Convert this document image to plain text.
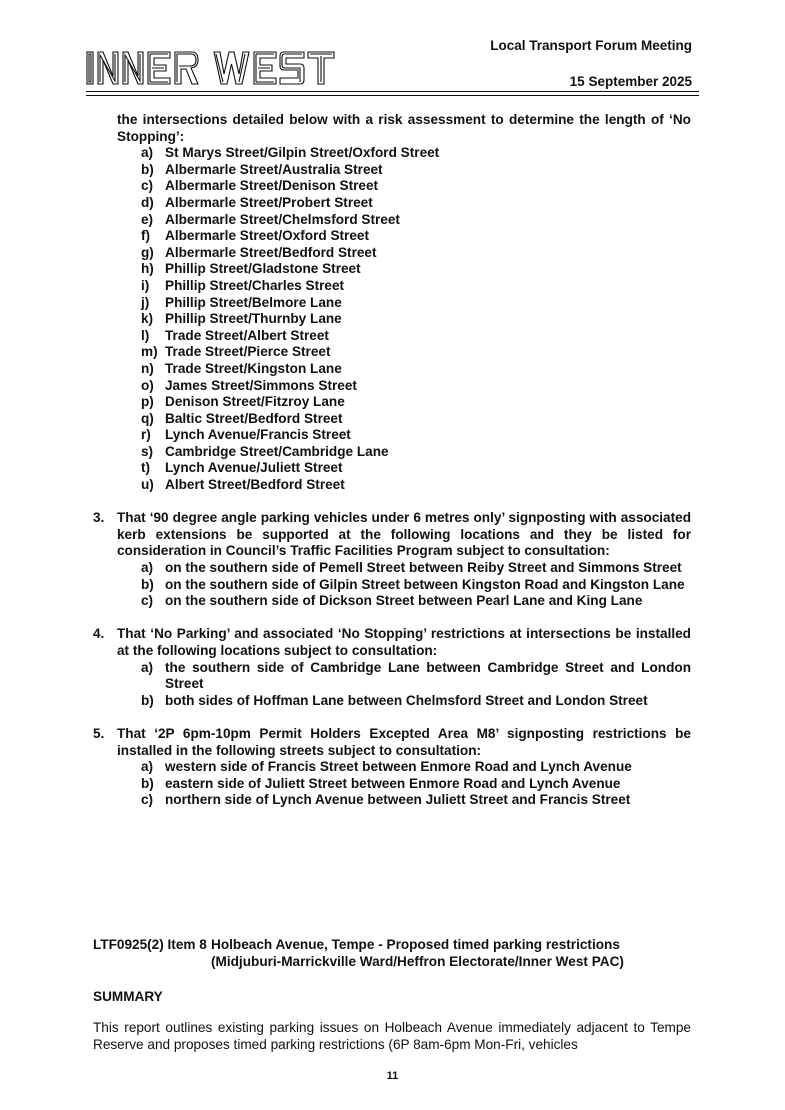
Local Transport Forum Meeting
15 September 2025
the intersections detailed below with a risk assessment to determine the length of ‘No Stopping’:
a) St Marys Street/Gilpin Street/Oxford Street
b) Albermarle Street/Australia Street
c) Albermarle Street/Denison Street
d) Albermarle Street/Probert Street
e) Albermarle Street/Chelmsford Street
f)	Albermarle Street/Oxford Street
g) Albermarle Street/Bedford Street
h) Phillip Street/Gladstone Street
i)	Phillip Street/Charles Street
j)	Phillip Street/Belmore Lane
k) Phillip Street/Thurnby Lane
l)	Trade Street/Albert Street
m) Trade Street/Pierce Street
n) Trade Street/Kingston Lane
o) James Street/Simmons Street
p) Denison Street/Fitzroy Lane
q) Baltic Street/Bedford Street
r)	Lynch Avenue/Francis Street
s) Cambridge Street/Cambridge Lane
t)	Lynch Avenue/Juliett Street
u) Albert Street/Bedford Street
3. That ‘90 degree angle parking vehicles under 6 metres only’ signposting with associated kerb extensions be supported at the following locations and they be listed for consideration in Council’s Traffic Facilities Program subject to consultation:
a) on the southern side of Pemell Street between Reiby Street and Simmons Street
b) on the southern side of Gilpin Street between Kingston Road and Kingston Lane
c) on the southern side of Dickson Street between Pearl Lane and King Lane
4. That ‘No Parking’ and associated ‘No Stopping’ restrictions at intersections be installed at the following locations subject to consultation:
a) the southern side of Cambridge Lane between Cambridge Street and London Street
b) both sides of Hoffman Lane between Chelmsford Street and London Street
5. That ‘2P 6pm-10pm Permit Holders Excepted Area M8’ signposting restrictions be installed in the following streets subject to consultation:
a) western side of Francis Street between Enmore Road and Lynch Avenue
b) eastern side of Juliett Street between Enmore Road and Lynch Avenue
c) northern side of Lynch Avenue between Juliett Street and Francis Street
LTF0925(2) Item 8 Holbeach Avenue, Tempe - Proposed timed parking restrictions
(Midjuburi-Marrickville Ward/Heffron Electorate/Inner West PAC)
SUMMARY
This report outlines existing parking issues on Holbeach Avenue immediately adjacent to Tempe Reserve and proposes timed parking restrictions (6P 8am-6pm Mon-Fri, vehicles
11
